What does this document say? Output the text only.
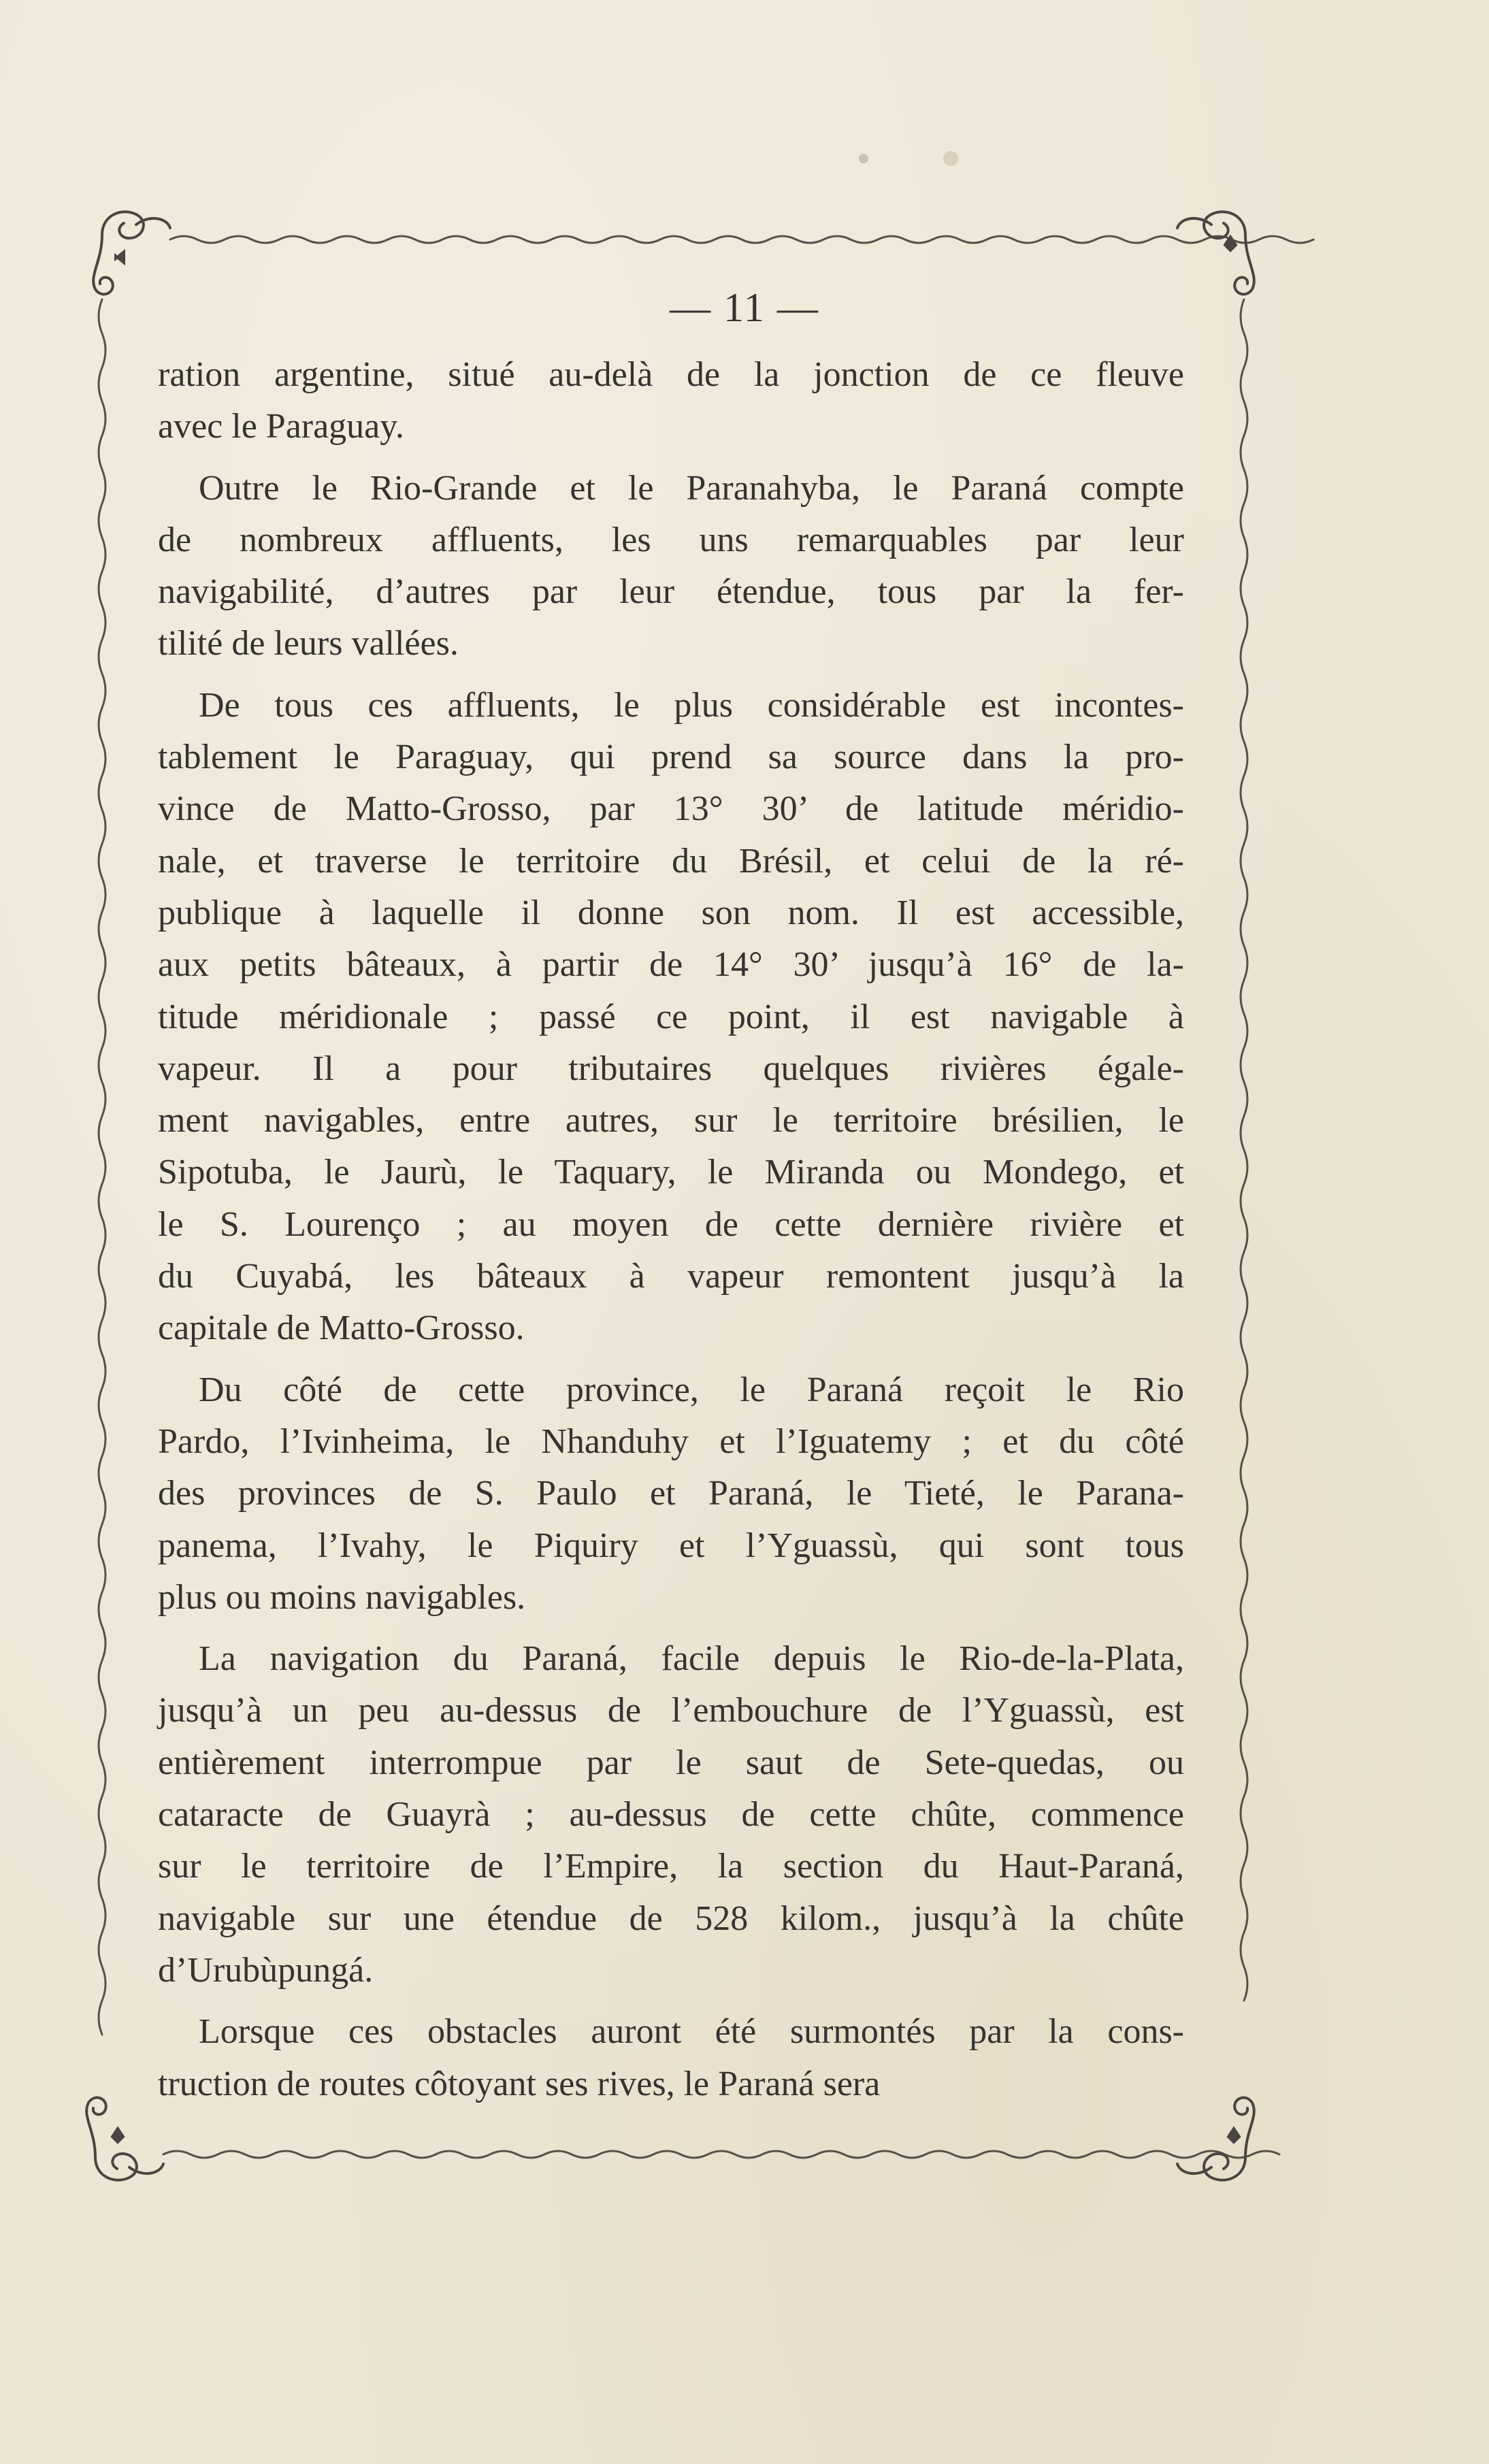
— 11 —
ration argentine, situé au-delà de la jonction de ce fleuve
avec le Paraguay.
Outre le Rio-Grande et le Paranahyba, le Paraná compte
de nombreux affluents, les uns remarquables par leur
navigabilité, d’autres par leur étendue, tous par la fer-
tilité de leurs vallées.
De tous ces affluents, le plus considérable est incontes-
tablement le Paraguay, qui prend sa source dans la pro-
vince de Matto-Grosso, par 13° 30’ de latitude méridio-
nale, et traverse le territoire du Brésil, et celui de la ré-
publique à laquelle il donne son nom. Il est accessible,
aux petits bâteaux, à partir de 14° 30’ jusqu’à 16° de la-
titude méridionale ; passé ce point, il est navigable à
vapeur. Il a pour tributaires quelques rivières égale-
ment navigables, entre autres, sur le territoire brésilien, le
Sipotuba, le Jaurù, le Taquary, le Miranda ou Mondego, et
le S. Lourenço ; au moyen de cette dernière rivière et
du Cuyabá, les bâteaux à vapeur remontent jusqu’à la
capitale de Matto-Grosso.
Du côté de cette province, le Paraná reçoit le Rio
Pardo, l’Ivinheima, le Nhanduhy et l’Iguatemy ; et du côté
des provinces de S. Paulo et Paraná, le Tieté, le Parana-
panema, l’Ivahy, le Piquiry et l’Yguassù, qui sont tous
plus ou moins navigables.
La navigation du Paraná, facile depuis le Rio-de-la-Plata,
jusqu’à un peu au-dessus de l’embouchure de l’Yguassù, est
entièrement interrompue par le saut de Sete-quedas, ou
cataracte de Guayrà ; au-dessus de cette chûte, commence
sur le territoire de l’Empire, la section du Haut-Paraná,
navigable sur une étendue de 528 kilom., jusqu’à la chûte
d’Urubùpungá.
Lorsque ces obstacles auront été surmontés par la cons-
truction de routes côtoyant ses rives, le Paraná sera
